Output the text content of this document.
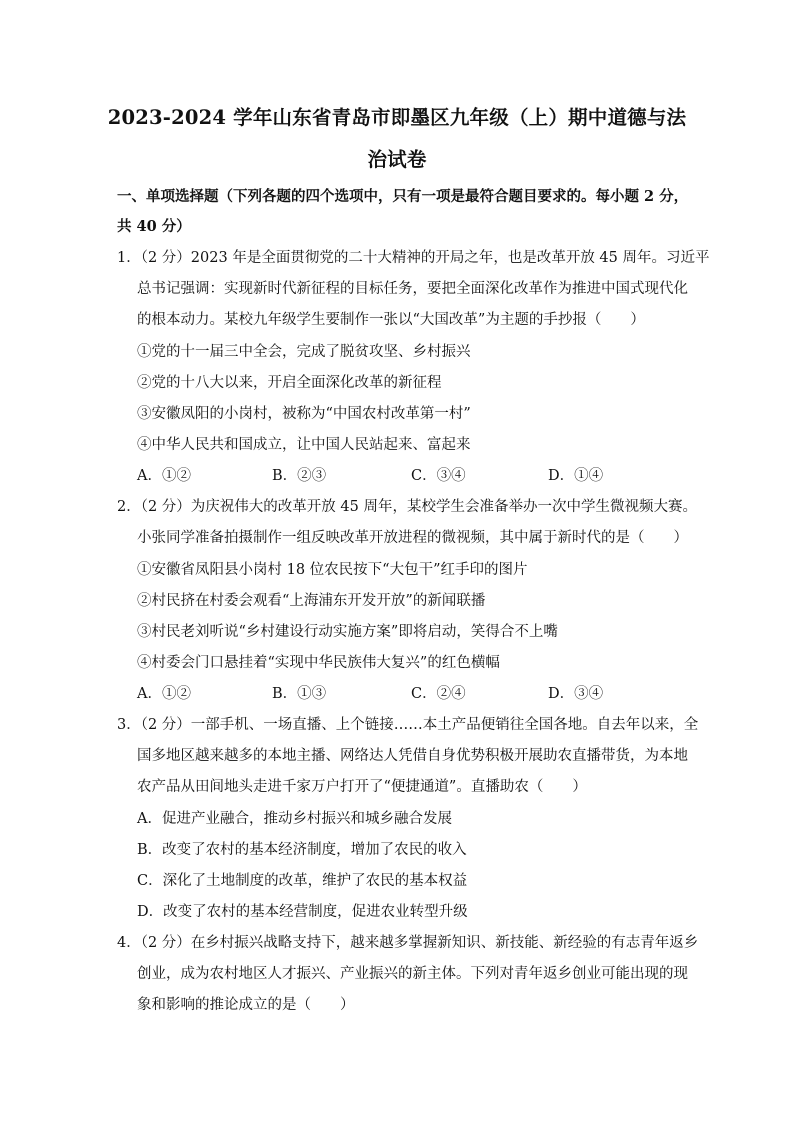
2023-2024 学年山东省青岛市即墨区九年级（上）期中道德与法
治试卷
一、单项选择题（下列各题的四个选项中，只有一项是最符合题目要求的。每小题 2 分，
共 40 分）
1．（2 分）2023 年是全面贯彻党的二十大精神的开局之年，也是改革开放 45 周年。习近平
总书记强调：实现新时代新征程的目标任务，要把全面深化改革作为推进中国式现代化
的根本动力。某校九年级学生要制作一张以“大国改革”为主题的手抄报（　　）
①党的十一届三中全会，完成了脱贫攻坚、乡村振兴
②党的十八大以来，开启全面深化改革的新征程
③安徽凤阳的小岗村，被称为“中国农村改革第一村”
④中华人民共和国成立，让中国人民站起来、富起来
A．①②	B．②③	C．③④	D．①④
2．（2 分）为庆祝伟大的改革开放 45 周年，某校学生会准备举办一次中学生微视频大赛。
小张同学准备拍摄制作一组反映改革开放进程的微视频，其中属于新时代的是（　　）
①安徽省凤阳县小岗村 18 位农民按下“大包干”红手印的图片
②村民挤在村委会观看“上海浦东开发开放”的新闻联播
③村民老刘听说“乡村建设行动实施方案”即将启动，笑得合不上嘴
④村委会门口悬挂着“实现中华民族伟大复兴”的红色横幅
A．①②	B．①③	C．②④	D．③④
3．（2 分）一部手机、一场直播、上个链接……本土产品便销往全国各地。自去年以来，全
国多地区越来越多的本地主播、网络达人凭借自身优势积极开展助农直播带货，为本地
农产品从田间地头走进千家万户打开了“便捷通道”。直播助农（　　）
A．促进产业融合，推动乡村振兴和城乡融合发展
B．改变了农村的基本经济制度，增加了农民的收入
C．深化了土地制度的改革，维护了农民的基本权益
D．改变了农村的基本经营制度，促进农业转型升级
4．（2 分）在乡村振兴战略支持下，越来越多掌握新知识、新技能、新经验的有志青年返乡
创业，成为农村地区人才振兴、产业振兴的新主体。下列对青年返乡创业可能出现的现
象和影响的推论成立的是（　　）
